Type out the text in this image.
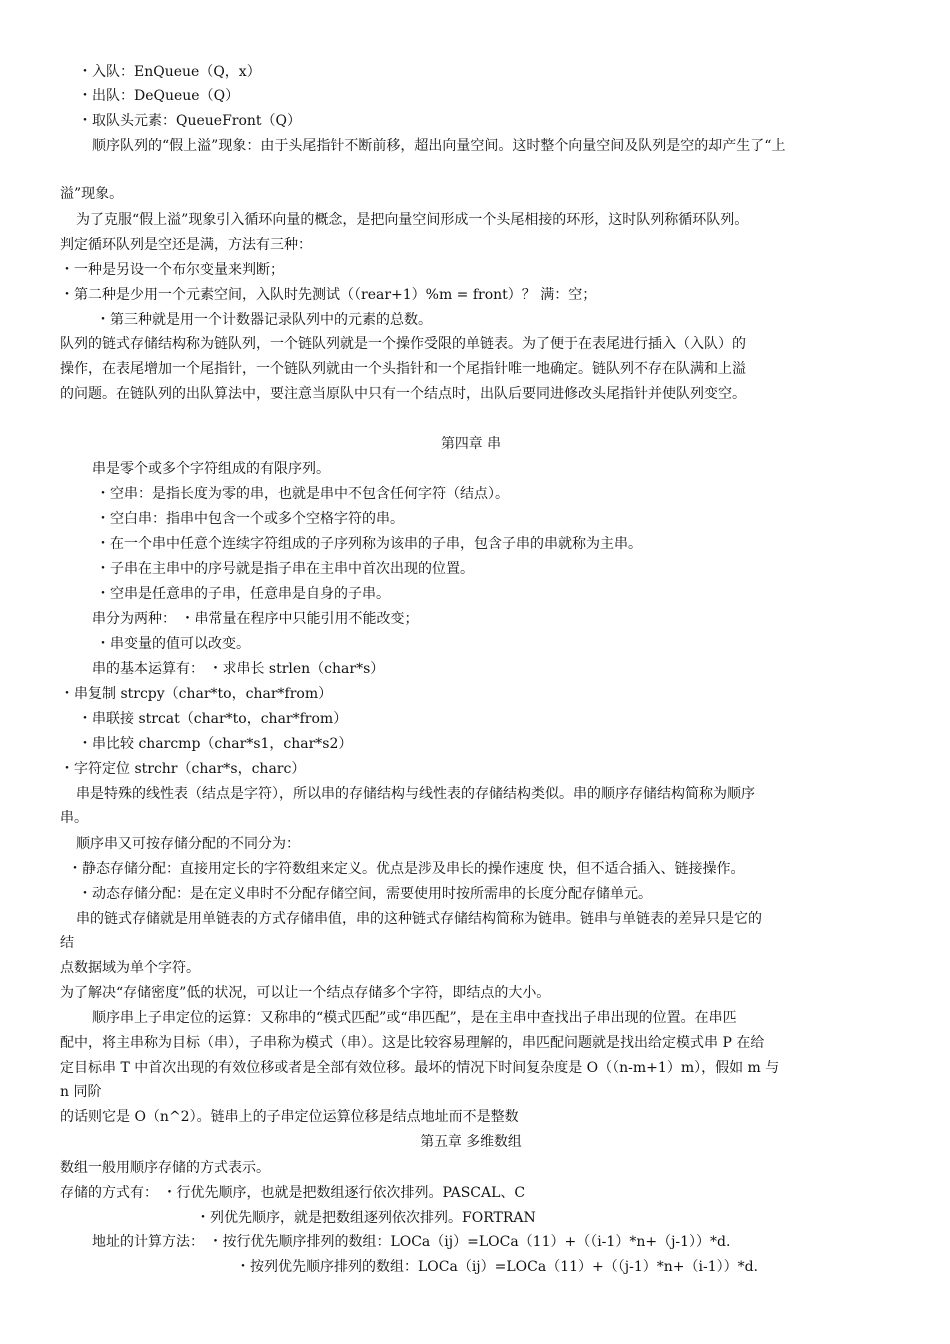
・入队：EnQueue（Q，x）
・出队：DeQueue（Q）
・取队头元素：QueueFront（Q）
顺序队列的“假上溢”现象：由于头尾指针不断前移，超出向量空间。这时整个向量空间及队列是空的却产生了“上
溢”现象。
为了克服“假上溢”现象引入循环向量的概念，是把向量空间形成一个头尾相接的环形，这时队列称循环队列。
判定循环队列是空还是满，方法有三种：
・一种是另设一个布尔变量来判断；
・第二种是少用一个元素空间，入队时先测试（（rear+1）%m = front）？ 满：空；
・第三种就是用一个计数器记录队列中的元素的总数。
队列的链式存储结构称为链队列，一个链队列就是一个操作受限的单链表。为了便于在表尾进行插入（入队）的
操作，在表尾增加一个尾指针，一个链队列就由一个头指针和一个尾指针唯一地确定。链队列不存在队满和上溢
的问题。在链队列的出队算法中，要注意当原队中只有一个结点时，出队后要同进修改头尾指针并使队列变空。
第四章 串
串是零个或多个字符组成的有限序列。
・空串：是指长度为零的串，也就是串中不包含任何字符（结点）。
・空白串：指串中包含一个或多个空格字符的串。
・在一个串中任意个连续字符组成的子序列称为该串的子串，包含子串的串就称为主串。
・子串在主串中的序号就是指子串在主串中首次出现的位置。
・空串是任意串的子串，任意串是自身的子串。
串分为两种： ・串常量在程序中只能引用不能改变；
・串变量的值可以改变。
串的基本运算有： ・求串长 strlen（char*s）
・串复制 strcpy（char*to，char*from）
・串联接 strcat（char*to，char*from）
・串比较 charcmp（char*s1，char*s2）
・字符定位 strchr（char*s，charc）
串是特殊的线性表（结点是字符），所以串的存储结构与线性表的存储结构类似。串的顺序存储结构简称为顺序
串。
顺序串又可按存储分配的不同分为：
・静态存储分配：直接用定长的字符数组来定义。优点是涉及串长的操作速度 快，但不适合插入、链接操作。
・动态存储分配：是在定义串时不分配存储空间，需要使用时按所需串的长度分配存储单元。
串的链式存储就是用单链表的方式存储串值，串的这种链式存储结构简称为链串。链串与单链表的差异只是它的
结
点数据域为单个字符。
为了解决“存储密度”低的状况，可以让一个结点存储多个字符，即结点的大小。
顺序串上子串定位的运算：又称串的“模式匹配”或“串匹配”，是在主串中查找出子串出现的位置。在串匹
配中，将主串称为目标（串），子串称为模式（串）。这是比较容易理解的，串匹配问题就是找出给定模式串 P 在给
定目标串 T 中首次出现的有效位移或者是全部有效位移。最坏的情况下时间复杂度是 O（（n-m+1）m），假如 m 与
n 同阶
的话则它是 O（n^2）。链串上的子串定位运算位移是结点地址而不是整数
第五章 多维数组
数组一般用顺序存储的方式表示。
存储的方式有： ・行优先顺序，也就是把数组逐行依次排列。PASCAL、C
・列优先顺序，就是把数组逐列依次排列。FORTRAN
地址的计算方法： ・按行优先顺序排列的数组：LOCa（ij）=LOCa（11）+（（i-1）*n+（j-1））*d.
・按列优先顺序排列的数组：LOCa（ij）=LOCa（11）+（（j-1）*n+（i-1））*d.
